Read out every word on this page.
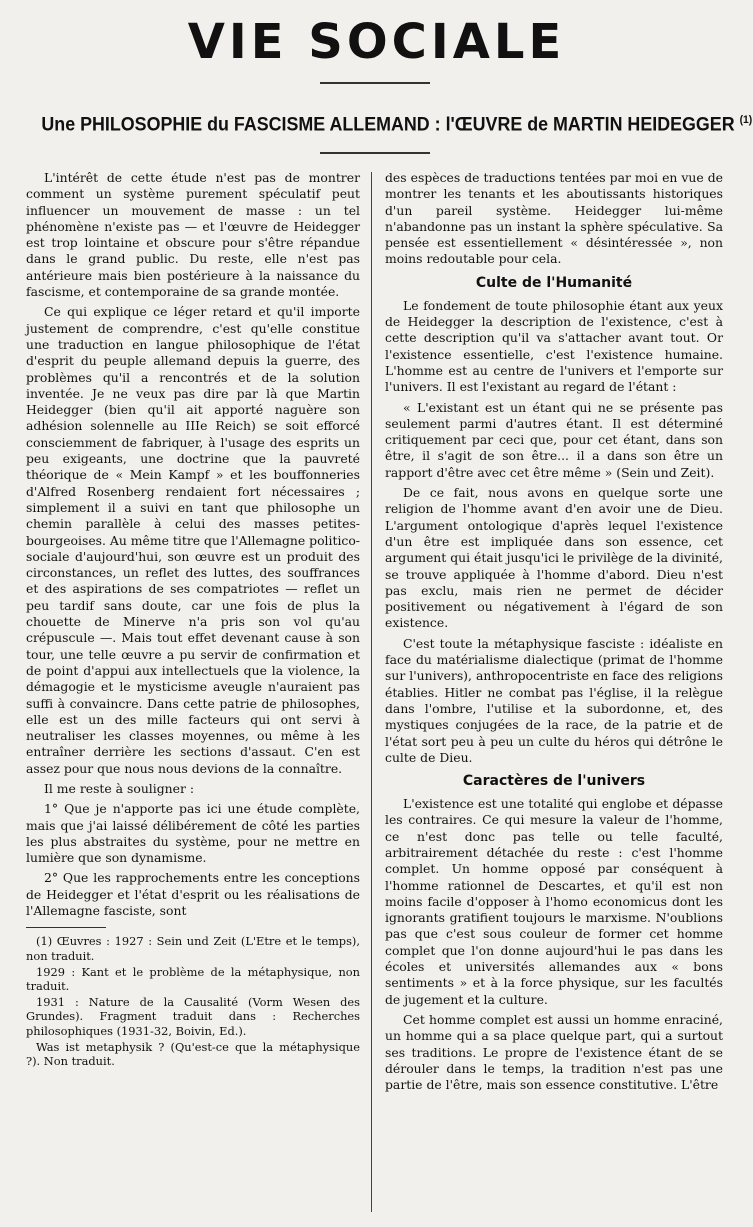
VIE SOCIALE
Une PHILOSOPHIE du FASCISME ALLEMAND : l'ŒUVRE de MARTIN HEIDEGGER $^{(1)}$

L'intérêt de cette étude n'est pas de montrer comment un système purement spéculatif peut influencer un mouvement de masse : un tel phénomène n'existe pas — et l'œuvre de Heidegger est trop lointaine et obscure pour s'être répandue dans le grand public. Du reste, elle n'est pas antérieure mais bien postérieure à la naissance du fascisme, et contemporaine de sa grande montée.

Ce qui explique ce léger retard et qu'il importe justement de comprendre, c'est qu'elle constitue une traduction en langue philosophique de l'état d'esprit du peuple allemand depuis la guerre, des problèmes qu'il a rencontrés et de la solution inventée. Je ne veux pas dire par là que Martin Heidegger (bien qu'il ait apporté naguère son adhésion solennelle au IIIe Reich) se soit efforcé consciemment de fabriquer, à l'usage des esprits un peu exigeants, une doctrine que la pauvreté théorique de « Mein Kampf » et les bouffonneries d'Alfred Rosenberg rendaient fort nécessaires ; simplement il a suivi en tant que philosophe un chemin parallèle à celui des masses petites-bourgeoises. Au même titre que l'Allemagne politico-sociale d'aujourd'hui, son œuvre est un produit des circonstances, un reflet des luttes, des souffrances et des aspirations de ses compatriotes — reflet un peu tardif sans doute, car une fois de plus la chouette de Minerve n'a pris son vol qu'au crépuscule —. Mais tout effet devenant cause à son tour, une telle œuvre a pu servir de confirmation et de point d'appui aux intellectuels que la violence, la démagogie et le mysticisme aveugle n'auraient pas suffi à convaincre. Dans cette patrie de philosophes, elle est un des mille facteurs qui ont servi à neutraliser les classes moyennes, ou même à les entraîner derrière les sections d'assaut. C'en est assez pour que nous nous devions de la connaître.

Il me reste à souligner :

1° Que je n'apporte pas ici une étude complète, mais que j'ai laissé délibérement de côté les parties les plus abstraites du système, pour ne mettre en lumière que son dynamisme.

2° Que les rapprochements entre les conceptions de Heidegger et l'état d'esprit ou les réalisations de l'Allemagne fasciste, sont

(1) Œuvres : 1927 : Sein und Zeit (L'Etre et le temps), non traduit.

1929 : Kant et le problème de la métaphysique, non traduit.

1931 : Nature de la Causalité (Vorm Wesen des Grundes). Fragment traduit dans : Recherches philosophiques (1931-32, Boivin, Ed.).

Was ist metaphysik ? (Qu'est-ce que la métaphysique ?). Non traduit.

des espèces de traductions tentées par moi en vue de montrer les tenants et les aboutissants historiques d'un pareil système. Heidegger lui-même n'abandonne pas un instant la sphère spéculative. Sa pensée est essentiellement « désintéressée », non moins redoutable pour cela.

Culte de l'Humanité

Le fondement de toute philosophie étant aux yeux de Heidegger la description de l'existence, c'est à cette description qu'il va s'attacher avant tout. Or l'existence essentielle, c'est l'existence humaine. L'homme est au centre de l'univers et l'emporte sur l'univers. Il est l'existant au regard de l'étant :

« L'existant est un étant qui ne se présente pas seulement parmi d'autres étant. Il est déterminé critiquement par ceci que, pour cet étant, dans son être, il s'agit de son être... il a dans son être un rapport d'être avec cet être même » (Sein und Zeit).

De ce fait, nous avons en quelque sorte une religion de l'homme avant d'en avoir une de Dieu. L'argument ontologique d'après lequel l'existence d'un être est impliquée dans son essence, cet argument qui était jusqu'ici le privilège de la divinité, se trouve appliquée à l'homme d'abord. Dieu n'est pas exclu, mais rien ne permet de décider positivement ou négativement à l'égard de son existence.

C'est toute la métaphysique fasciste : idéaliste en face du matérialisme dialectique (primat de l'homme sur l'univers), anthropocentriste en face des religions établies. Hitler ne combat pas l'église, il la relègue dans l'ombre, l'utilise et la subordonne, et, des mystiques conjugées de la race, de la patrie et de l'état sort peu à peu un culte du héros qui détrône le culte de Dieu.

Caractères de l'univers

L'existence est une totalité qui englobe et dépasse les contraires. Ce qui mesure la valeur de l'homme, ce n'est donc pas telle ou telle faculté, arbitrairement détachée du reste : c'est l'homme complet. Un homme opposé par conséquent à l'homme rationnel de Descartes, et qu'il est non moins facile d'opposer à l'homo economicus dont les ignorants gratifient toujours le marxisme. N'oublions pas que c'est sous couleur de former cet homme complet que l'on donne aujourd'hui le pas dans les écoles et universités allemandes aux « bons sentiments » et à la force physique, sur les facultés de jugement et la culture.

Cet homme complet est aussi un homme enraciné, un homme qui a sa place quelque part, qui a surtout ses traditions. Le propre de l'existence étant de se dérouler dans le temps, la tradition n'est pas une partie de l'être, mais son essence constitutive. L'être
